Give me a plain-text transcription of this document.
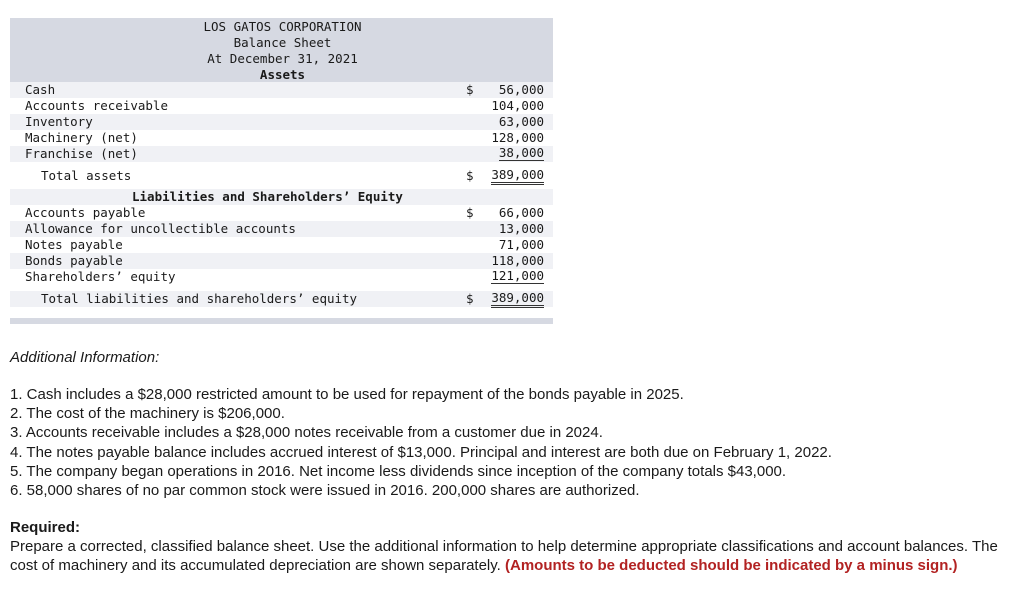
LOS GATOS CORPORATION
Balance Sheet
At December 31, 2021
Assets
Cash	$ 56,000
Accounts receivable	104,000
Inventory	63,000
Machinery (net)	128,000
Franchise (net)	38,000
Total assets	$ 389,000
Liabilities and Shareholders’ Equity
Accounts payable	$ 66,000
Allowance for uncollectible accounts	13,000
Notes payable	71,000
Bonds payable	118,000
Shareholders’ equity	121,000
Total liabilities and shareholders’ equity	$ 389,000
Additional Information:
1. Cash includes a $28,000 restricted amount to be used for repayment of the bonds payable in 2025.
2. The cost of the machinery is $206,000.
3. Accounts receivable includes a $28,000 notes receivable from a customer due in 2024.
4. The notes payable balance includes accrued interest of $13,000. Principal and interest are both due on February 1, 2022.
5. The company began operations in 2016. Net income less dividends since inception of the company totals $43,000.
6. 58,000 shares of no par common stock were issued in 2016. 200,000 shares are authorized.
Required:
Prepare a corrected, classified balance sheet. Use the additional information to help determine appropriate classifications and account balances. The cost of machinery and its accumulated depreciation are shown separately. (Amounts to be deducted should be indicated by a minus sign.)
